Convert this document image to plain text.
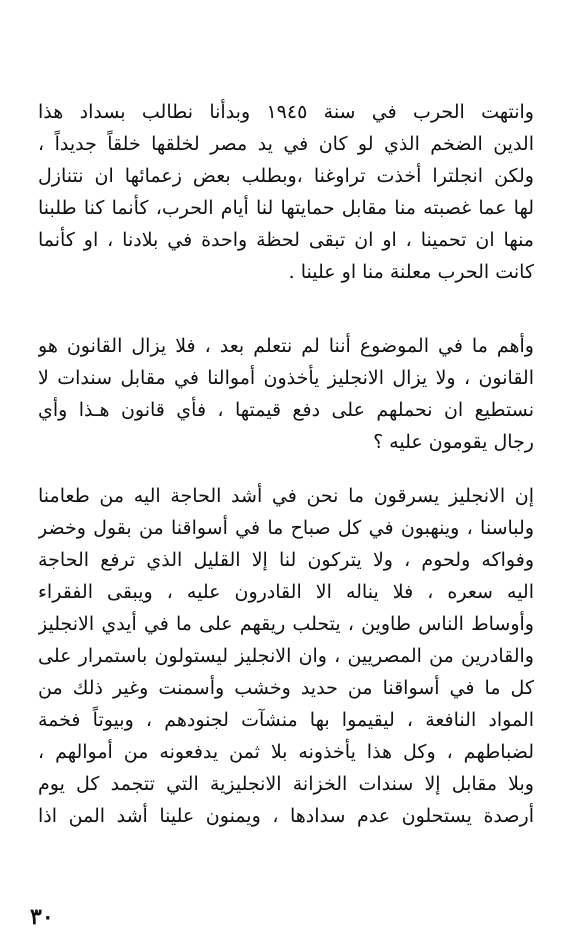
وانتهت الحرب في سنة ١٩٤٥ وبدأنا نطالب بسداد هذا
الدين الضخم الذي لو كان في يد مصر لخلقها خلقاً جديداً ،
ولكن انجلترا أخذت تراوغنا ،وبطلب بعض زعمائها ان نتنازل
لها عما غصبته منا مقابل حمايتها لنا أيام الحرب، كأنما كنا طلبنا
منها ان تحمينا ، او ان تبقى لحظة واحدة في بلادنا ، او كأنما
كانت الحرب معلنة منا او علينا .
وأهم ما في الموضوع أننا لم نتعلم بعد ، فلا يزال القانون هو
القانون ، ولا يزال الانجليز يأخذون أموالنا في مقابل سندات لا
نستطيع ان نحملهم على دفع قيمتها ، فأي قانون هـذا وأي
رجال يقومون عليه ؟
إن الانجليز يسرقون ما نحن في أشد الحاجة اليه من طعامنا
ولباسنا ، وينهبون في كل صباح ما في أسواقنا من بقول وخضر
وفواكه ولحوم ، ولا يتركون لنا إلا القليل الذي ترفع الحاجة
اليه سعره ، فلا يناله الا القادرون عليه ، ويبقى الفقراء
وأوساط الناس طاوين ، يتحلب ريقهم على ما في أيدي الانجليز
والقادرين من المصريين ، وان الانجليز ليستولون باستمرار على
كل ما في أسواقنا من حديد وخشب وأسمنت وغير ذلك من
المواد النافعة ، ليقيموا بها منشآت لجنودهم ، وبيوتاً فخمة
لضباطهم ، وكل هذا يأخذونه بلا ثمن يدفعونه من أموالهم ،
وبلا مقابل إلا سندات الخزانة الانجليزية التي تتجمد كل يوم
أرصدة يستحلون عدم سدادها ، ويمنون علينا أشد المن اذا
٣٠
